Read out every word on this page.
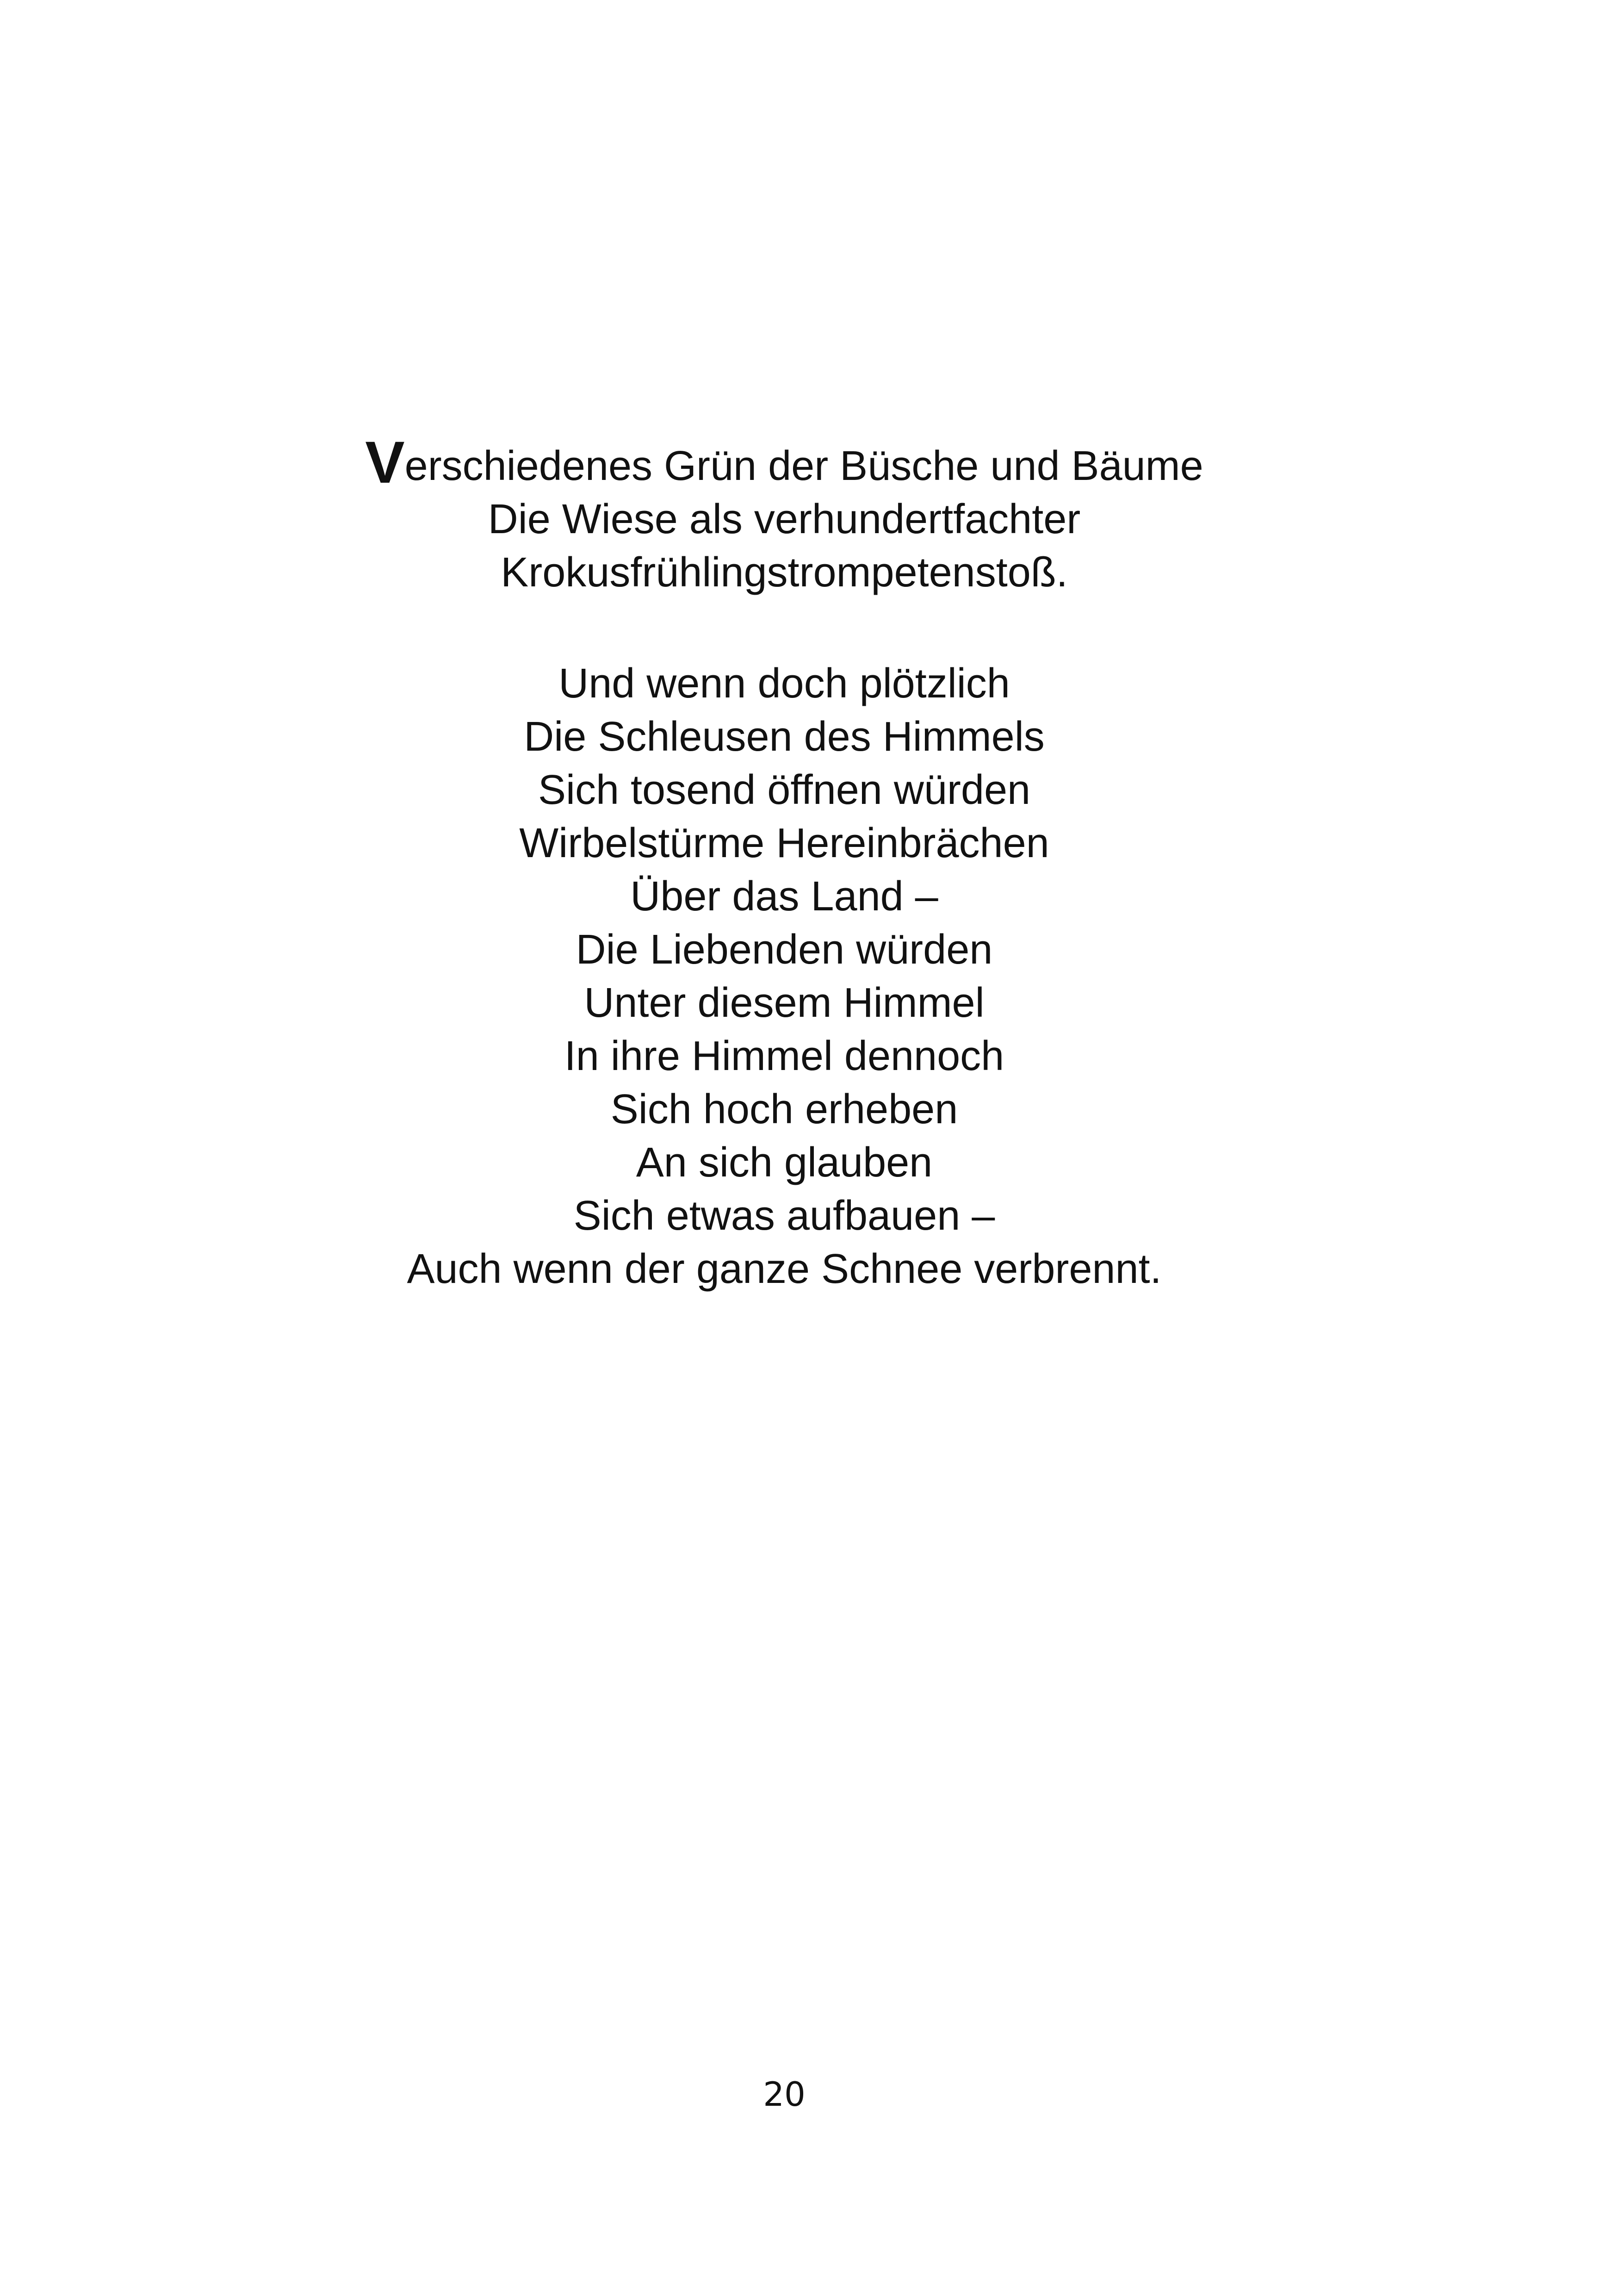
Verschiedenes Grün der Büsche und Bäume
Die Wiese als verhundertfachter
Krokusfrühlingstrompetenstoß.
Und wenn doch plötzlich
Die Schleusen des Himmels
Sich tosend öffnen würden
Wirbelstürme Hereinbrächen
Über das Land –
Die Liebenden würden
Unter diesem Himmel
In ihre Himmel dennoch
Sich hoch erheben
An sich glauben
Sich etwas aufbauen –
Auch wenn der ganze Schnee verbrennt.
20
